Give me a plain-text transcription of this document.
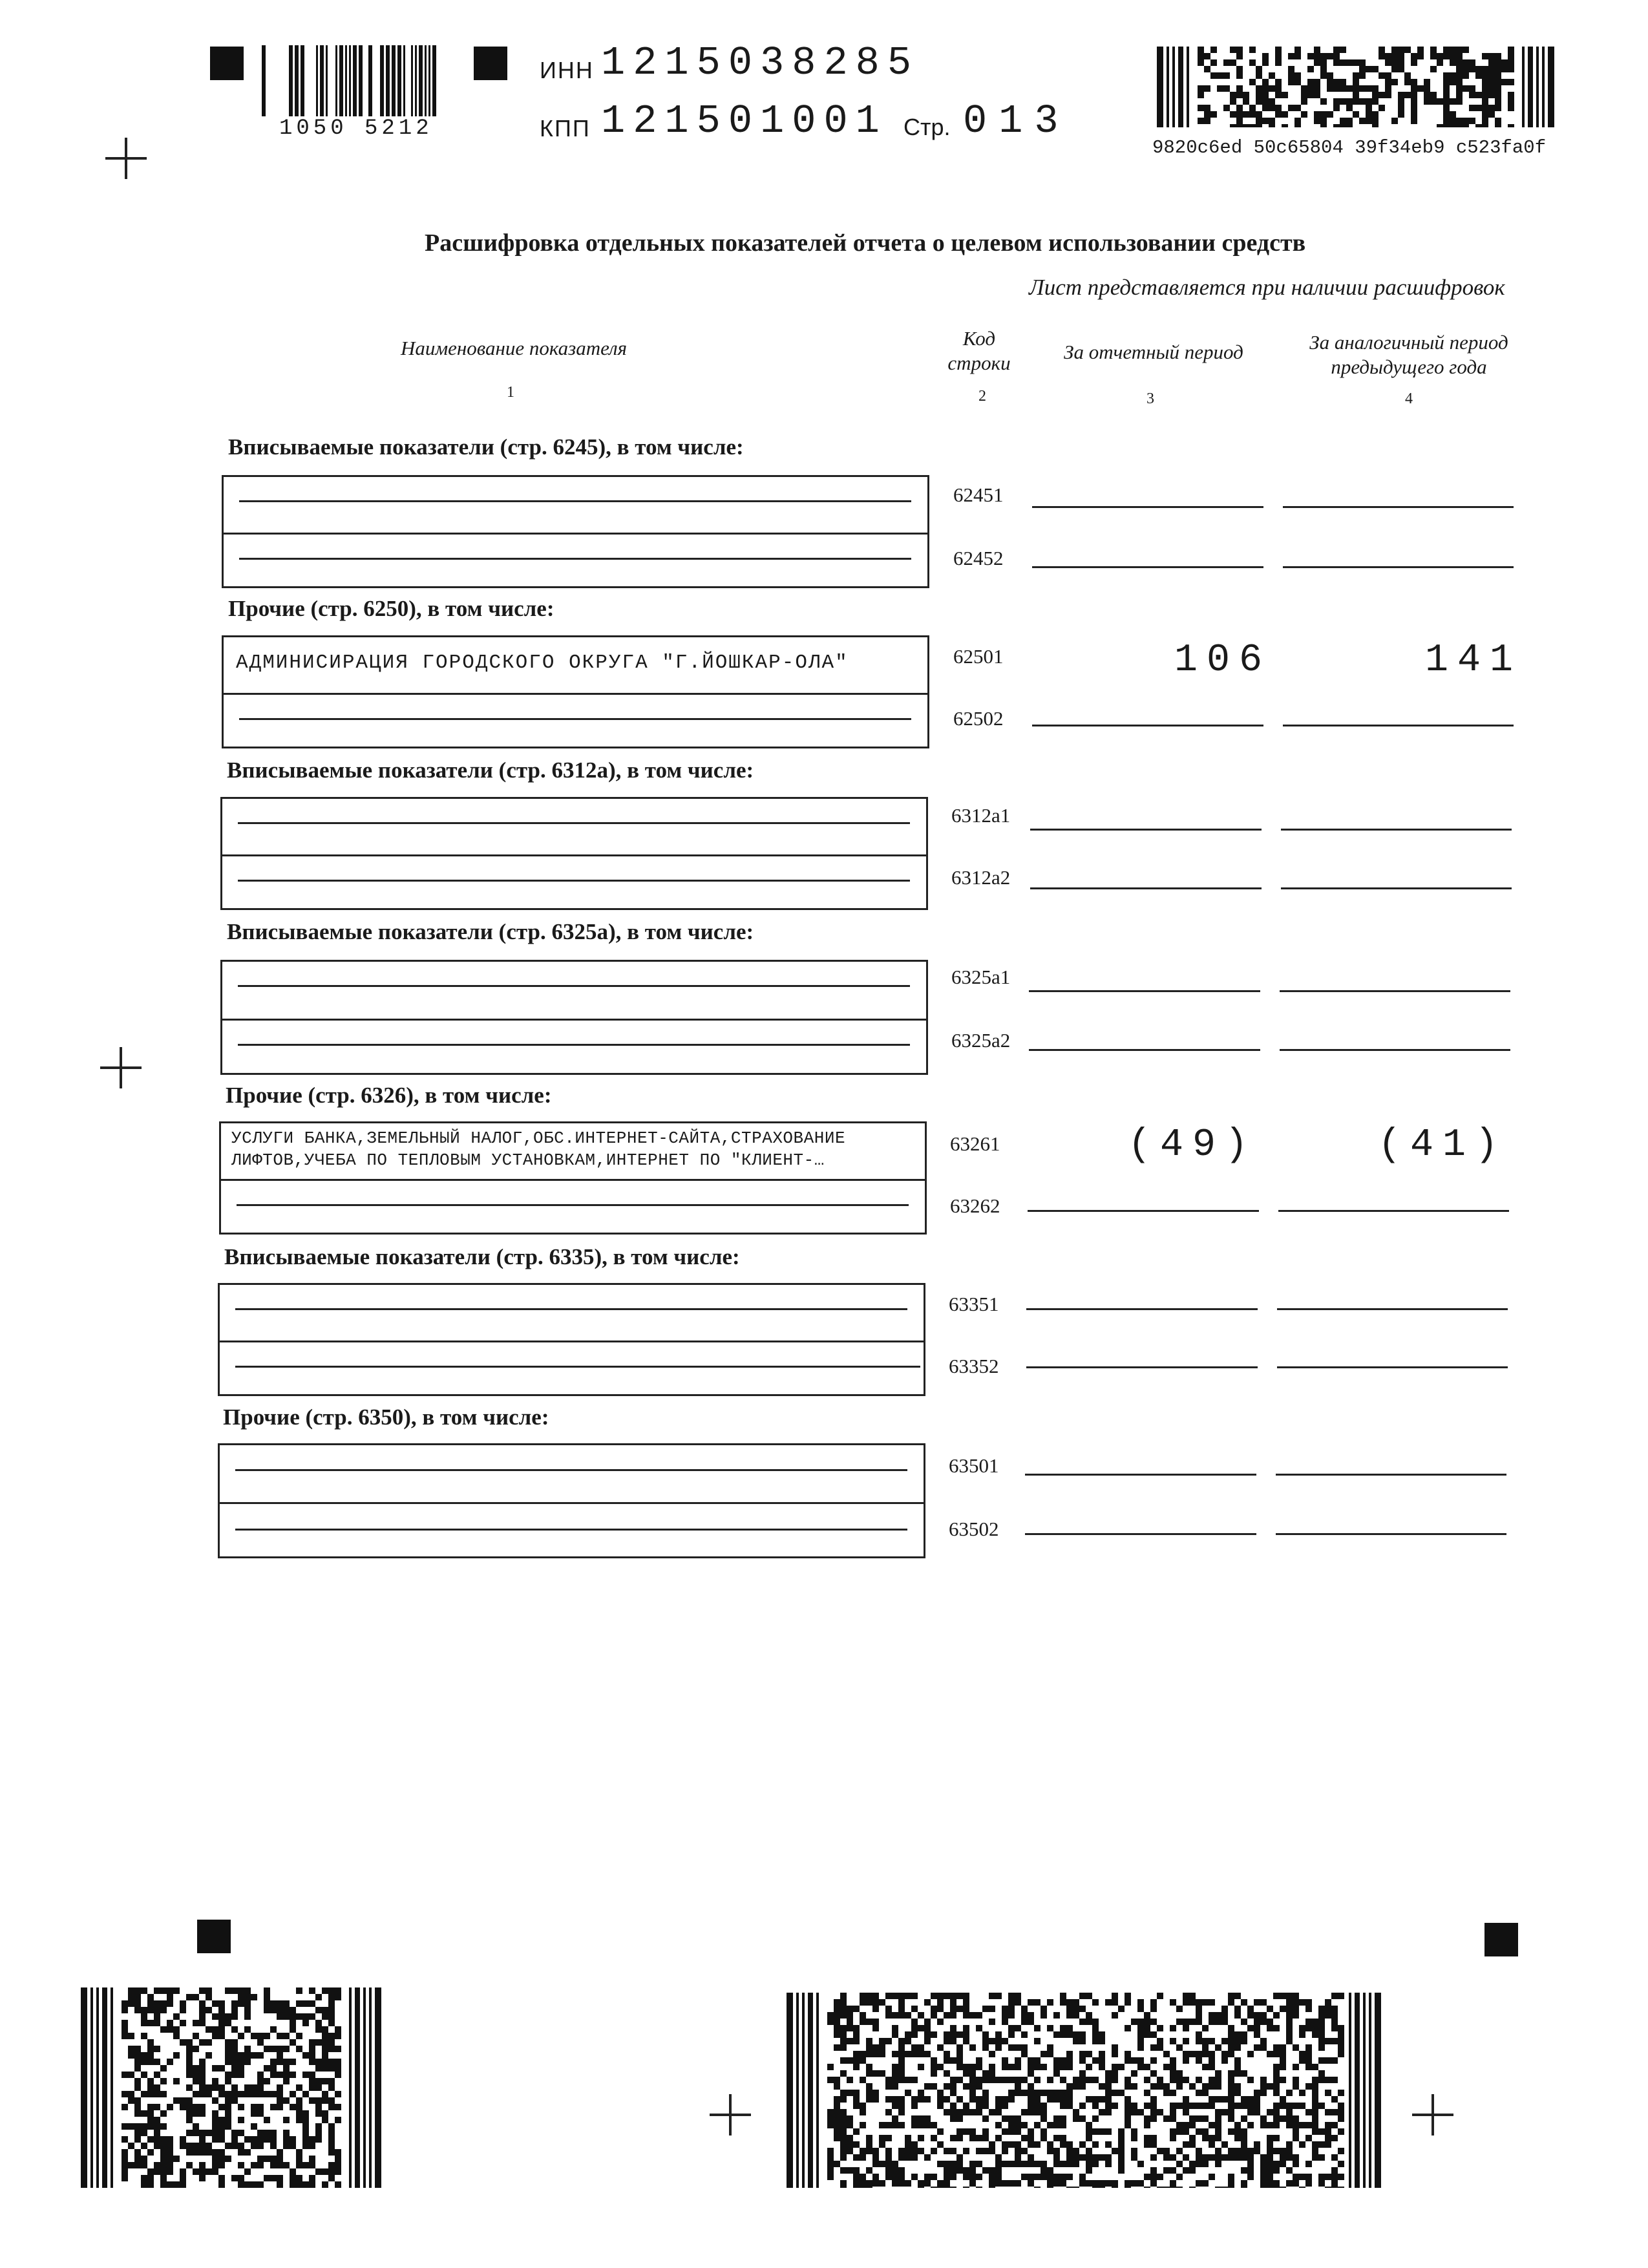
1050 5212
ИНН 1215038285
КПП 121501001 Стр. 013
9820c6ed 50c65804 39f34eb9 c523fa0f
Расшифровка отдельных показателей отчета о целевом использовании средств
Лист представляется при наличии расшифровок
Наименование показателя	Код
строки	За отчетный период	За аналогичный период
предыдущего года
1	2	3	4
Вписываемые показатели (стр. 6245), в том числе:
62451
62452
Прочие (стр. 6250), в том числе:
АДМИНИСИРАЦИЯ ГОРОДСКОГО ОКРУГА "Г.ЙОШКАР-ОЛА"	62501	106	141
62502
Вписываемые показатели (стр. 6312а), в том числе:
6312а1
6312а2
Вписываемые показатели (стр. 6325а), в том числе:
6325а1
6325а2
Прочие (стр. 6326), в том числе:
УСЛУГИ БАНКА,ЗЕМЕЛЬНЫЙ НАЛОГ,ОБС.ИНТЕРНЕТ-САЙТА,СТРАХОВАНИЕ ЛИФТОВ,УЧЕБА ПО ТЕПЛОВЫМ УСТАНОВКАМ,ИНТЕРНЕТ ПО "КЛИЕНТ-…
63261	(49)	(41)
63262
Вписываемые показатели (стр. 6335), в том числе:
63351
63352
Прочие (стр. 6350), в том числе:
63501
63502
